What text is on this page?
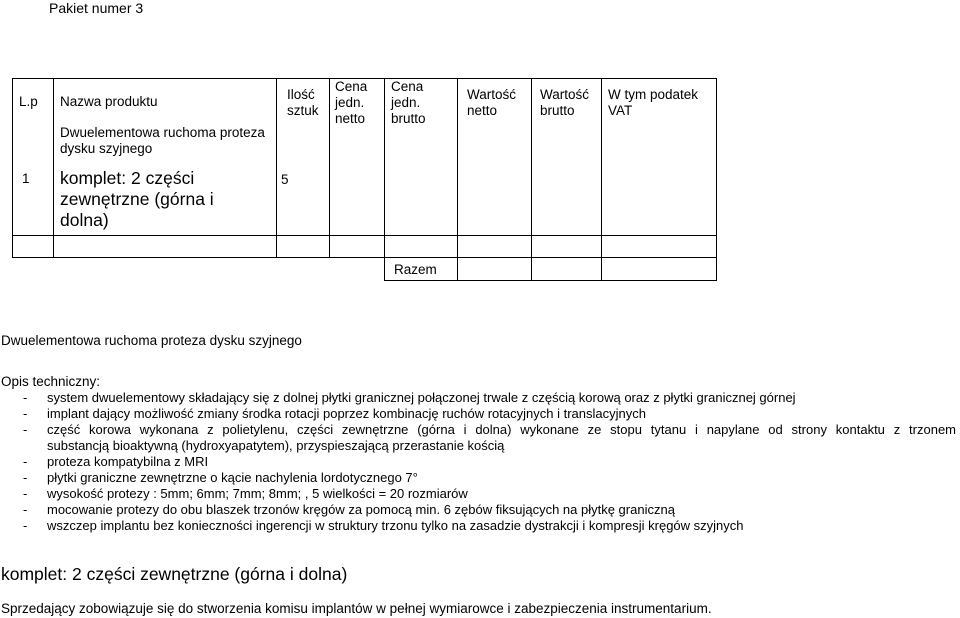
Pakiet numer 3
L.p Nazwa produktu	Ilość
sztuk
Cena
jedn.
netto
Cena
jedn.
brutto
Wartość
netto
Wartość
brutto
W tym podatek
VAT
Dwuelementowa ruchoma proteza
dysku szyjnego
1 komplet: 2 części
zewnętrzne (górna i
dolna)
5
Razem
Dwuelementowa ruchoma proteza dysku szyjnego
Opis techniczny:
- system dwuelementowy składający się z dolnej płytki granicznej połączonej trwale z częścią korową oraz z płytki granicznej górnej
- implant dający możliwość zmiany środka rotacji poprzez kombinację ruchów rotacyjnych i translacyjnych
- część korowa wykonana z polietylenu, części zewnętrzne (górna i dolna) wykonane ze stopu tytanu i napylane od strony kontaktu z trzonem
substancją bioaktywną (hydroxyapatytem), przyspieszającą przerastanie kością
- proteza kompatybilna z MRI
- płytki graniczne zewnętrzne o kącie nachylenia lordotycznego 7°
- wysokość protezy : 5mm; 6mm; 7mm; 8mm; , 5 wielkości = 20 rozmiarów
- mocowanie protezy do obu blaszek trzonów kręgów za pomocą min. 6 zębów fiksujących na płytkę graniczną
- wszczep implantu bez konieczności ingerencji w struktury trzonu tylko na zasadzie dystrakcji i kompresji kręgów szyjnych
komplet: 2 części zewnętrzne (górna i dolna)
Sprzedający zobowiązuje się do stworzenia komisu implantów w pełnej wymiarowce i zabezpieczenia instrumentarium.
